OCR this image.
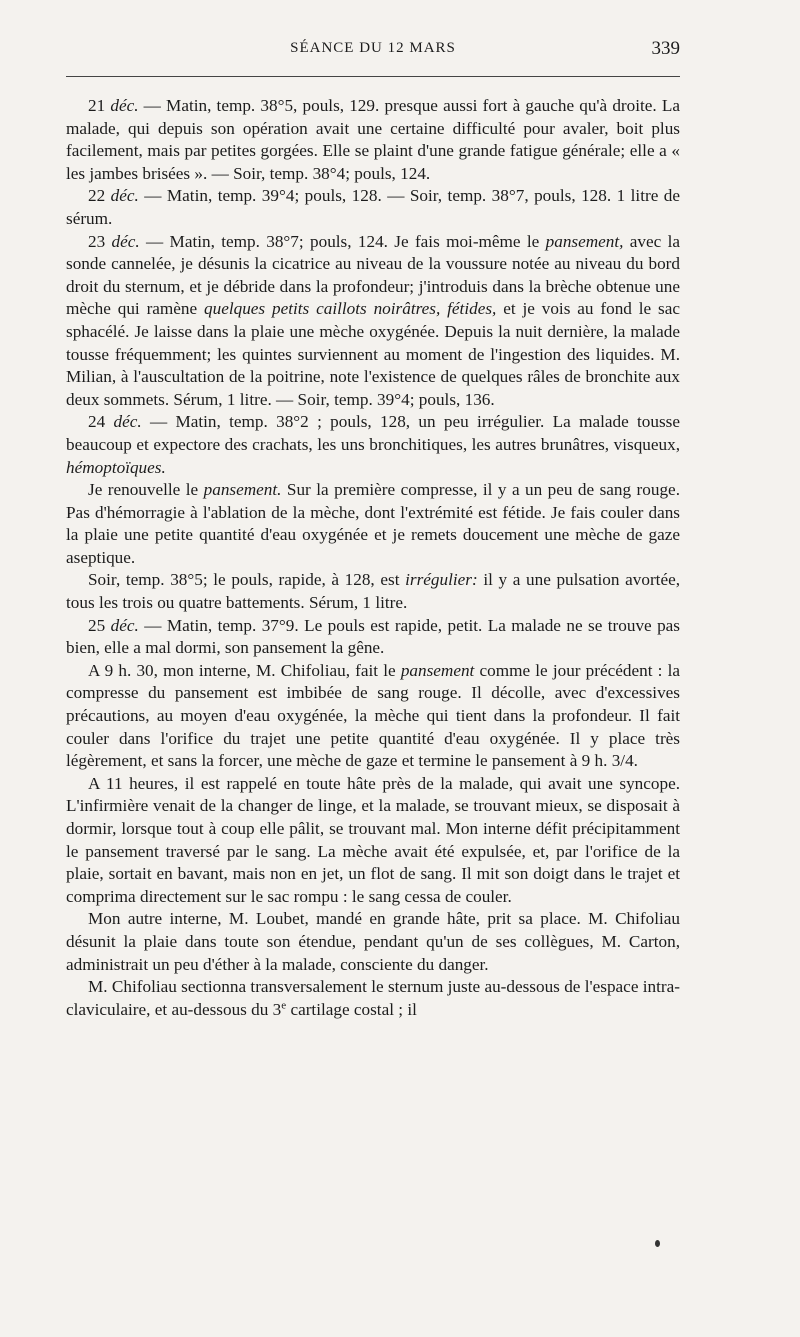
SÉANCE DU 12 MARS	339

21 déc. — Matin, temp. 38°5, pouls, 129. presque aussi fort à gauche qu'à droite. La malade, qui depuis son opération avait une certaine difficulté pour avaler, boit plus facilement, mais par petites gorgées. Elle se plaint d'une grande fatigue générale; elle a « les jambes brisées ». — Soir, temp. 38°4; pouls, 124.

22 déc. — Matin, temp. 39°4; pouls, 128. — Soir, temp. 38°7, pouls, 128. 1 litre de sérum.

23 déc. — Matin, temp. 38°7; pouls, 124. Je fais moi-même le pansement, avec la sonde cannelée, je désunis la cicatrice au niveau de la voussure notée au niveau du bord droit du sternum, et je débride dans la profondeur; j'introduis dans la brèche obtenue une mèche qui ramène quelques petits caillots noirâtres, fétides, et je vois au fond le sac sphacélé. Je laisse dans la plaie une mèche oxygénée. Depuis la nuit dernière, la malade tousse fréquemment; les quintes surviennent au moment de l'ingestion des liquides. M. Milian, à l'auscultation de la poitrine, note l'existence de quelques râles de bronchite aux deux sommets. Sérum, 1 litre. — Soir, temp. 39°4; pouls, 136.

24 déc. — Matin, temp. 38°2 ; pouls, 128, un peu irrégulier. La malade tousse beaucoup et expectore des crachats, les uns bronchitiques, les autres brunâtres, visqueux, hémoptoïques.

Je renouvelle le pansement. Sur la première compresse, il y a un peu de sang rouge. Pas d'hémorragie à l'ablation de la mèche, dont l'extrémité est fétide. Je fais couler dans la plaie une petite quantité d'eau oxygénée et je remets doucement une mèche de gaze aseptique.

Soir, temp. 38°5; le pouls, rapide, à 128, est irrégulier: il y a une pulsation avortée, tous les trois ou quatre battements. Sérum, 1 litre.

25 déc. — Matin, temp. 37°9. Le pouls est rapide, petit. La malade ne se trouve pas bien, elle a mal dormi, son pansement la gêne.

A 9 h. 30, mon interne, M. Chifoliau, fait le pansement comme le jour précédent : la compresse du pansement est imbibée de sang rouge. Il décolle, avec d'excessives précautions, au moyen d'eau oxygénée, la mèche qui tient dans la profondeur. Il fait couler dans l'orifice du trajet une petite quantité d'eau oxygénée. Il y place très légèrement, et sans la forcer, une mèche de gaze et termine le pansement à 9 h. 3/4.

A 11 heures, il est rappelé en toute hâte près de la malade, qui avait une syncope. L'infirmière venait de la changer de linge, et la malade, se trouvant mieux, se disposait à dormir, lorsque tout à coup elle pâlit, se trouvant mal. Mon interne défit précipitamment le pansement traversé par le sang. La mèche avait été expulsée, et, par l'orifice de la plaie, sortait en bavant, mais non en jet, un flot de sang. Il mit son doigt dans le trajet et comprima directement sur le sac rompu : le sang cessa de couler.

Mon autre interne, M. Loubet, mandé en grande hâte, prit sa place. M. Chifoliau désunit la plaie dans toute son étendue, pendant qu'un de ses collègues, M. Carton, administrait un peu d'éther à la malade, consciente du danger.

M. Chifoliau sectionna transversalement le sternum juste au-dessous de l'espace intra-claviculaire, et au-dessous du 3e cartilage costal ; il
